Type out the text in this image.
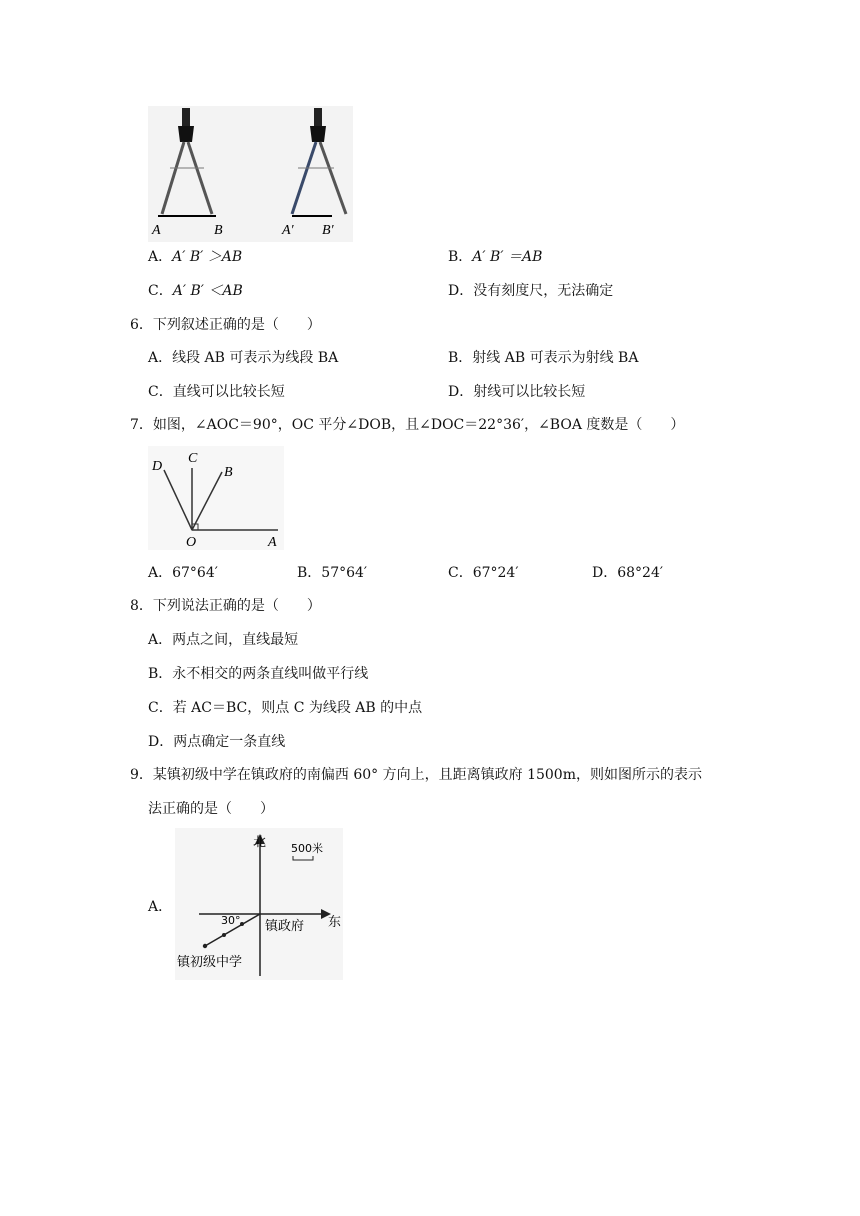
A	B	A′ B′
A．A′ B′ ＞AB	B．A′ B′ ＝AB
C．A′ B′ ＜AB	D．没有刻度尺，无法确定
6．下列叙述正确的是（　　）
A．线段 AB 可表示为线段 BA	B．射线 AB 可表示为射线 BA
C．直线可以比较长短	D．射线可以比较长短
7．如图，∠AOC＝90°，OC 平分∠DOB，且∠DOC＝22°36′，∠BOA 度数是（　　）
D
C
B
O	A
A．67°64′	B．57°64′	C．67°24′	D．68°24′
8．下列说法正确的是（　　）
A．两点之间，直线最短
B．永不相交的两条直线叫做平行线
C．若 AC＝BC，则点 C 为线段 AB 的中点
D．两点确定一条直线
9．某镇初级中学在镇政府的南偏西 60° 方向上，且距离镇政府 1500m，则如图所示的表示
法正确的是（　　）
A．
北
东
500米
30° 镇政府
镇初级中学
